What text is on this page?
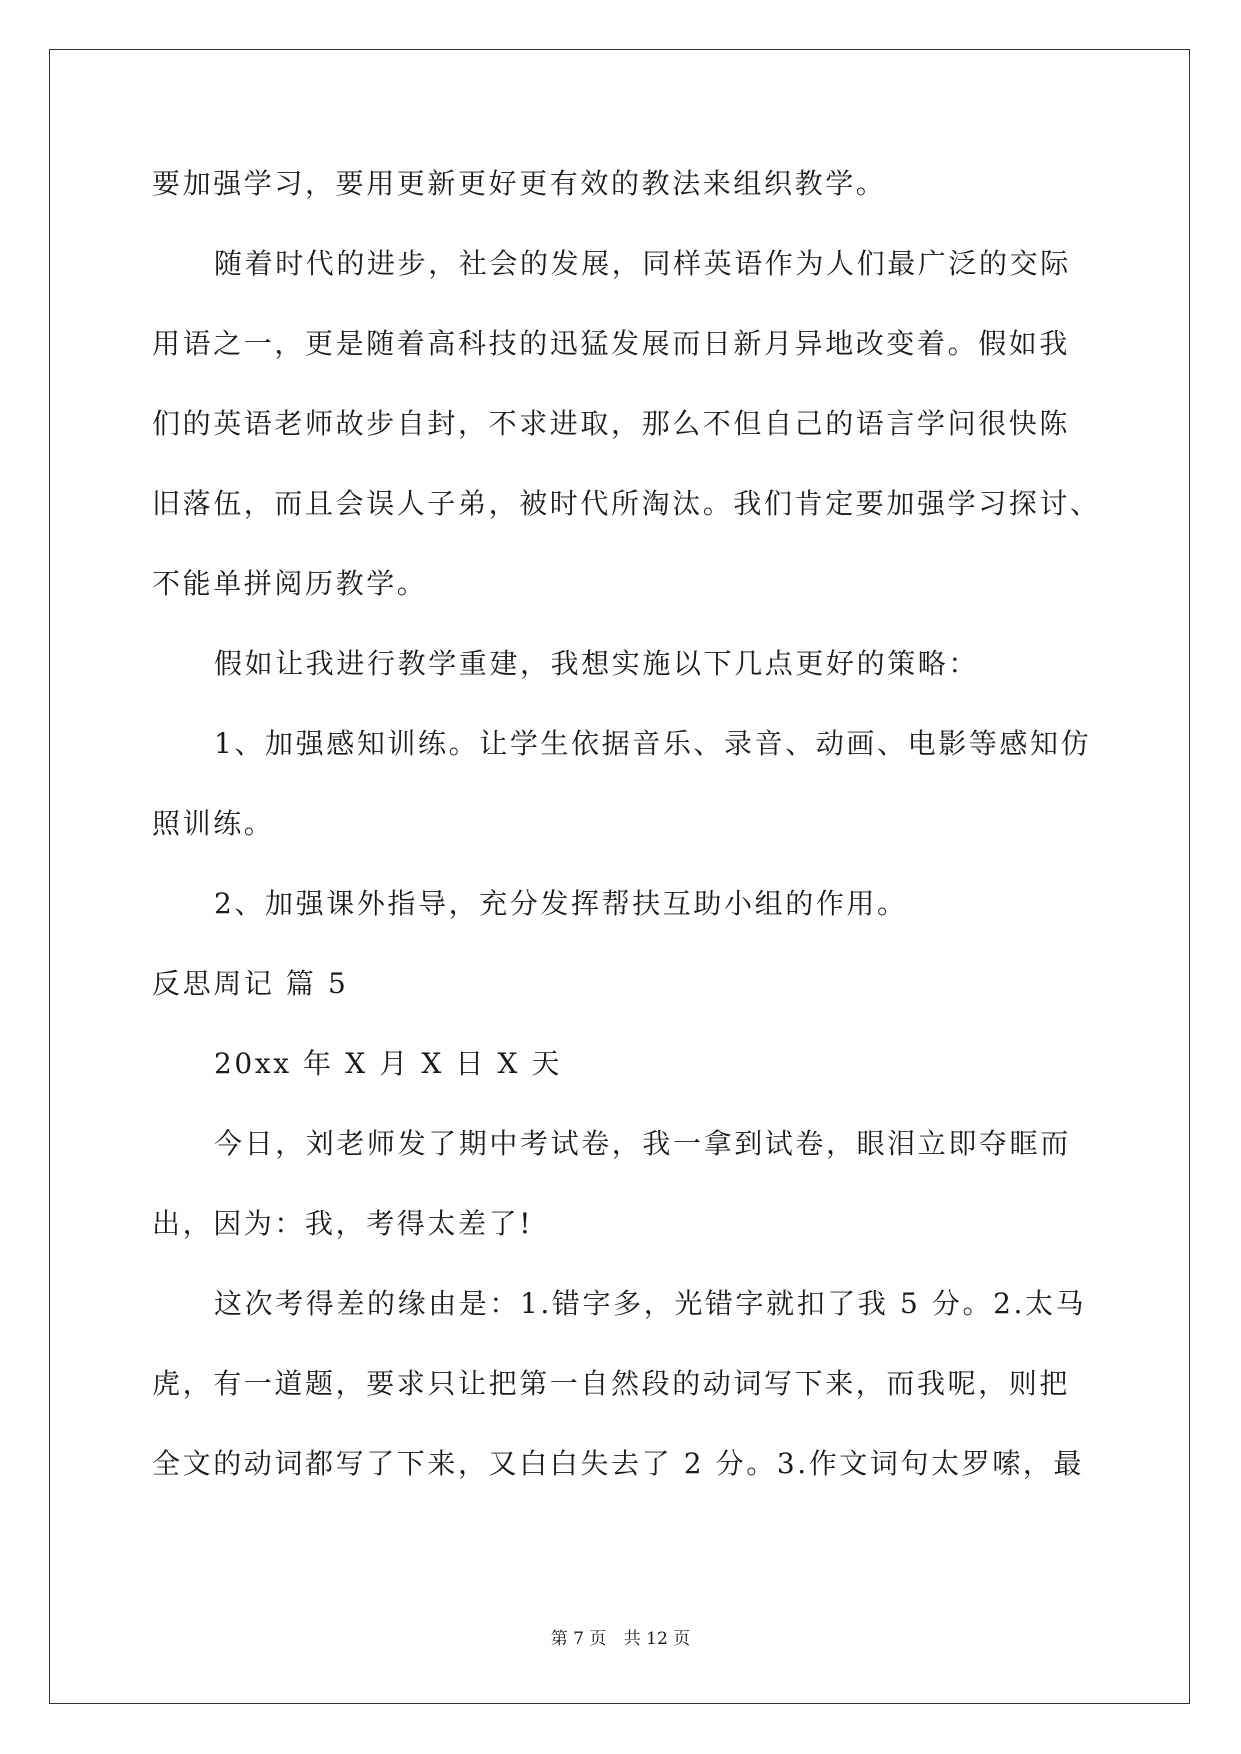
要加强学习，要用更新更好更有效的教法来组织教学。
随着时代的进步，社会的发展，同样英语作为人们最广泛的交际
用语之一，更是随着高科技的迅猛发展而日新月异地改变着。假如我
们的英语老师故步自封，不求进取，那么不但自己的语言学问很快陈
旧落伍，而且会误人子弟，被时代所淘汰。我们肯定要加强学习探讨、
不能单拼阅历教学。
假如让我进行教学重建，我想实施以下几点更好的策略：
1、加强感知训练。让学生依据音乐、录音、动画、电影等感知仿
照训练。
2、加强课外指导，充分发挥帮扶互助小组的作用。
反思周记 篇 5
20xx 年 X 月 X 日 X 天
今日，刘老师发了期中考试卷，我一拿到试卷，眼泪立即夺眶而
出，因为：我，考得太差了!
这次考得差的缘由是：1.错字多，光错字就扣了我 5 分。2.太马
虎，有一道题，要求只让把第一自然段的动词写下来，而我呢，则把
全文的动词都写了下来，又白白失去了 2 分。3.作文词句太罗嗦，最
第 7 页 共 12 页
